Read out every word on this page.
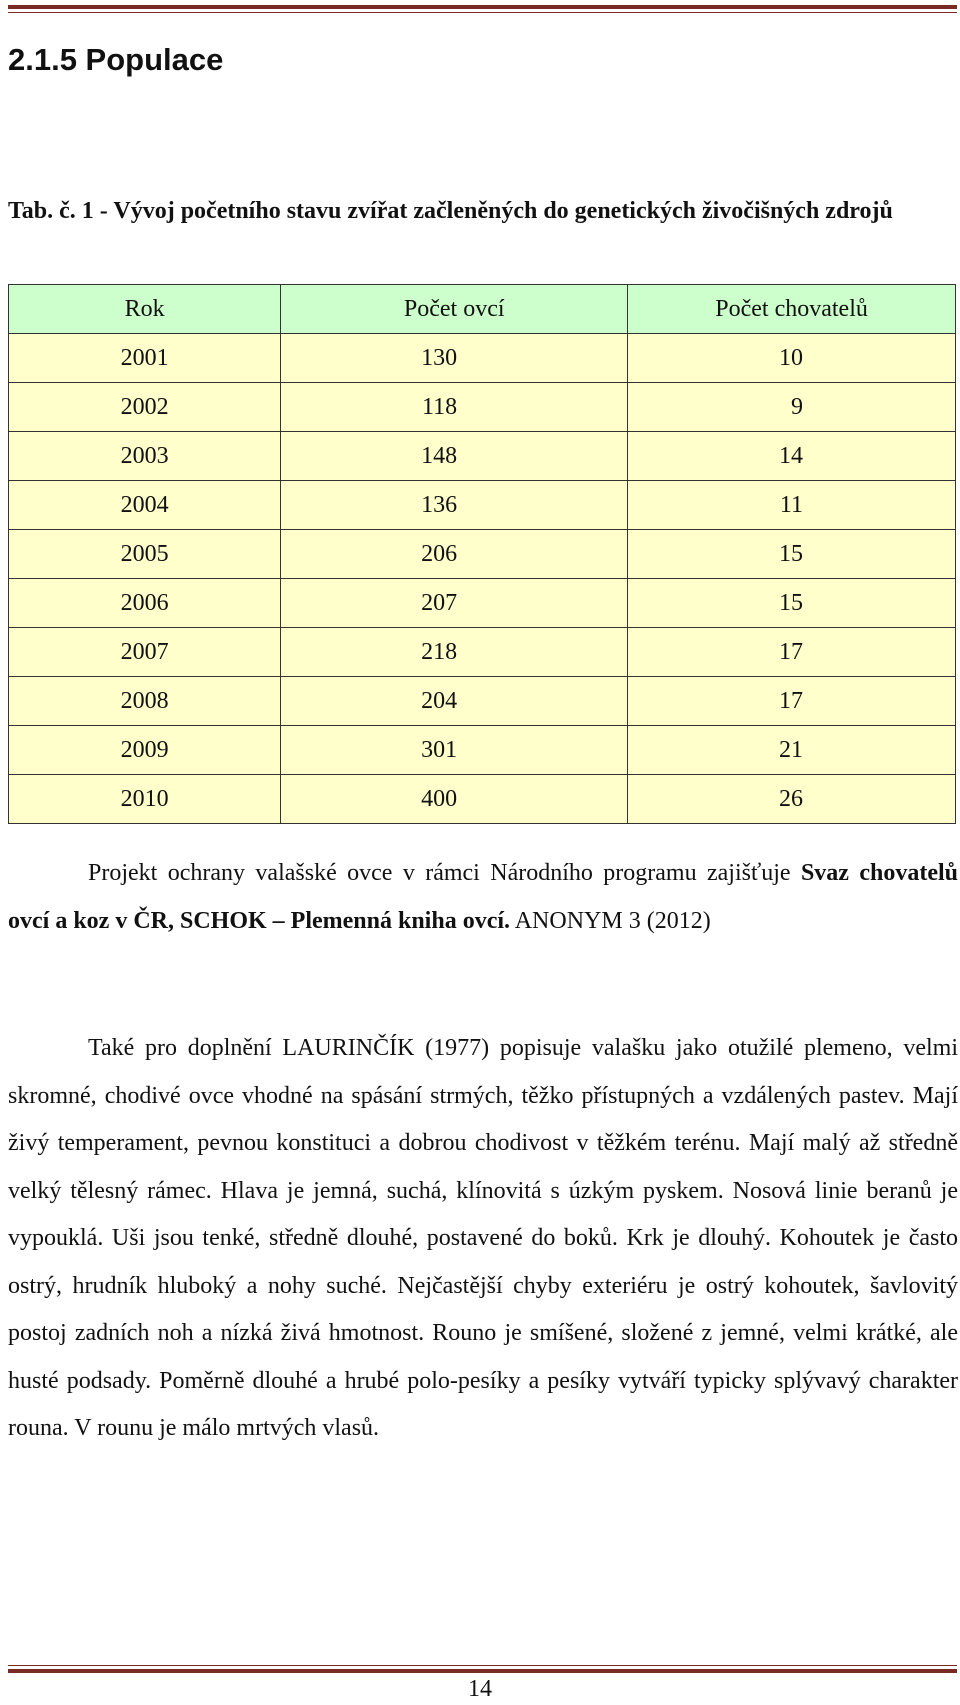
2.1.5 Populace

Tab. č. 1 - Vývoj početního stavu zvířat začleněných do genetických živočišných zdrojů

Rok	Počet ovcí	Počet chovatelů
2001	130	10
2002	118	9
2003	148	14
2004	136	11
2005	206	15
2006	207	15
2007	218	17
2008	204	17
2009	301	21
2010	400	26

Projekt ochrany valašské ovce v rámci Národního programu zajišťuje Svaz chovatelů ovcí a koz v ČR, SCHOK – Plemenná kniha ovcí. ANONYM 3 (2012)

Také pro doplnění LAURINČÍK (1977) popisuje valašku jako otužilé plemeno, velmi skromné, chodivé ovce vhodné na spásání strmých, těžko přístupných a vzdálených pastev. Mají živý temperament, pevnou konstituci a dobrou chodivost v těžkém terénu. Mají malý až středně velký tělesný rámec. Hlava je jemná, suchá, klínovitá s úzkým pyskem. Nosová linie beranů je vypouklá. Uši jsou tenké, středně dlouhé, postavené do boků. Krk je dlouhý. Kohoutek je často ostrý, hrudník hluboký a nohy suché. Nejčastější chyby exteriéru je ostrý kohoutek, šavlovitý postoj zadních noh a nízká živá hmotnost. Rouno je smíšené, složené z jemné, velmi krátké, ale husté podsady. Poměrně dlouhé a hrubé polo-pesíky a pesíky vytváří typicky splývavý charakter rouna. V rounu je málo mrtvých vlasů.

14
